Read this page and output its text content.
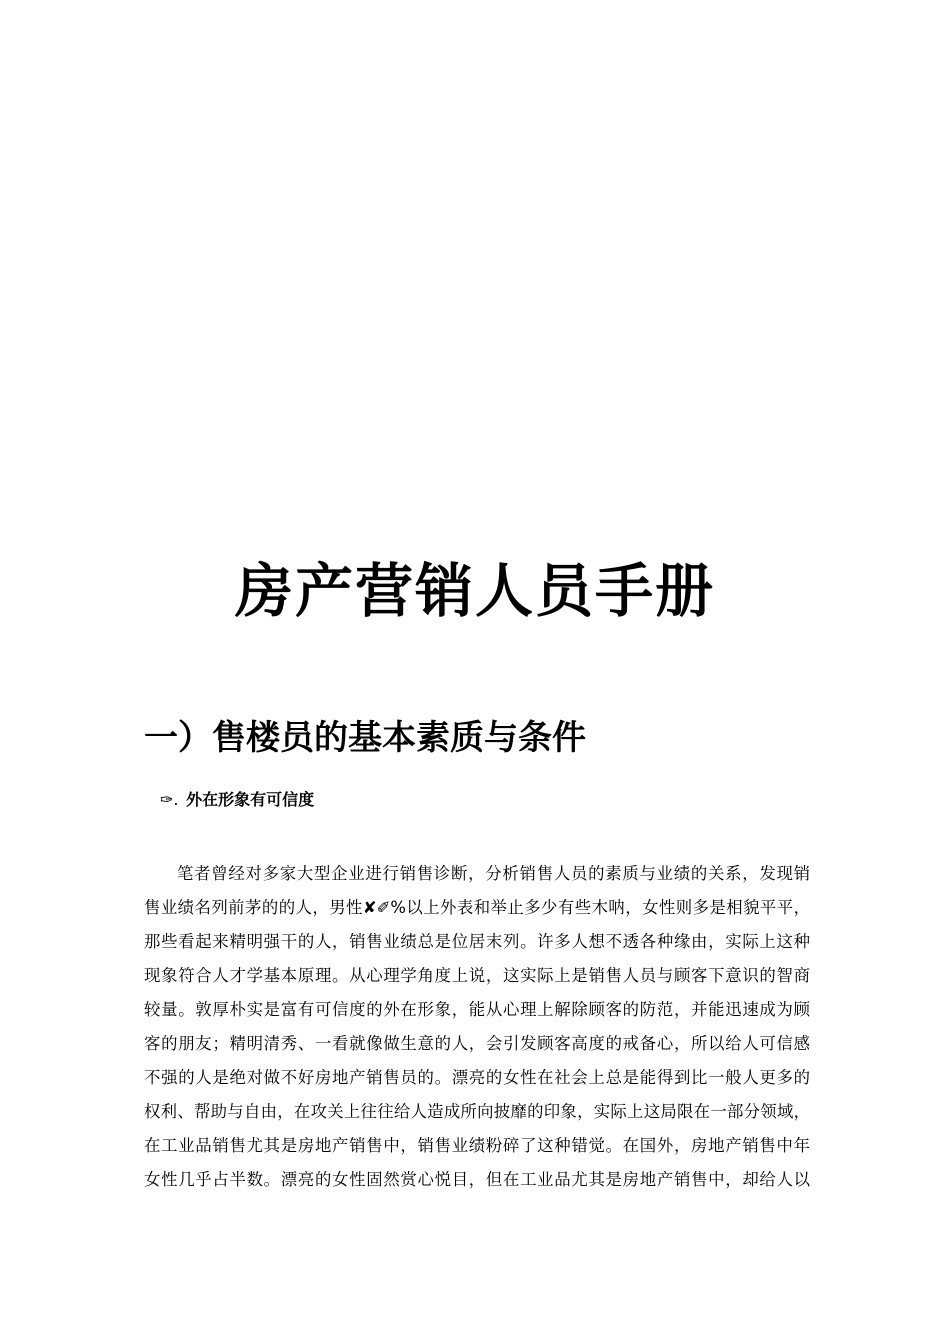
房产营销人员手册
一）售楼员的基本素质与条件
✑. 外在形象有可信度
笔者曾经对多家大型企业进行销售诊断，分析销售人员的素质与业绩的关系，发现销
售业绩名列前茅的的人，男性✘✐%以上外表和举止多少有些木呐，女性则多是相貌平平，
那些看起来精明强干的人，销售业绩总是位居末列。许多人想不透各种缘由，实际上这种
现象符合人才学基本原理。从心理学角度上说，这实际上是销售人员与顾客下意识的智商
较量。敦厚朴实是富有可信度的外在形象，能从心理上解除顾客的防范，并能迅速成为顾
客的朋友；精明清秀、一看就像做生意的人，会引发顾客高度的戒备心，所以给人可信感
不强的人是绝对做不好房地产销售员的。漂亮的女性在社会上总是能得到比一般人更多的
权利、帮助与自由，在攻关上往往给人造成所向披靡的印象，实际上这局限在一部分领域，
在工业品销售尤其是房地产销售中，销售业绩粉碎了这种错觉。在国外，房地产销售中年
女性几乎占半数。漂亮的女性固然赏心悦目，但在工业品尤其是房地产销售中，却给人以
